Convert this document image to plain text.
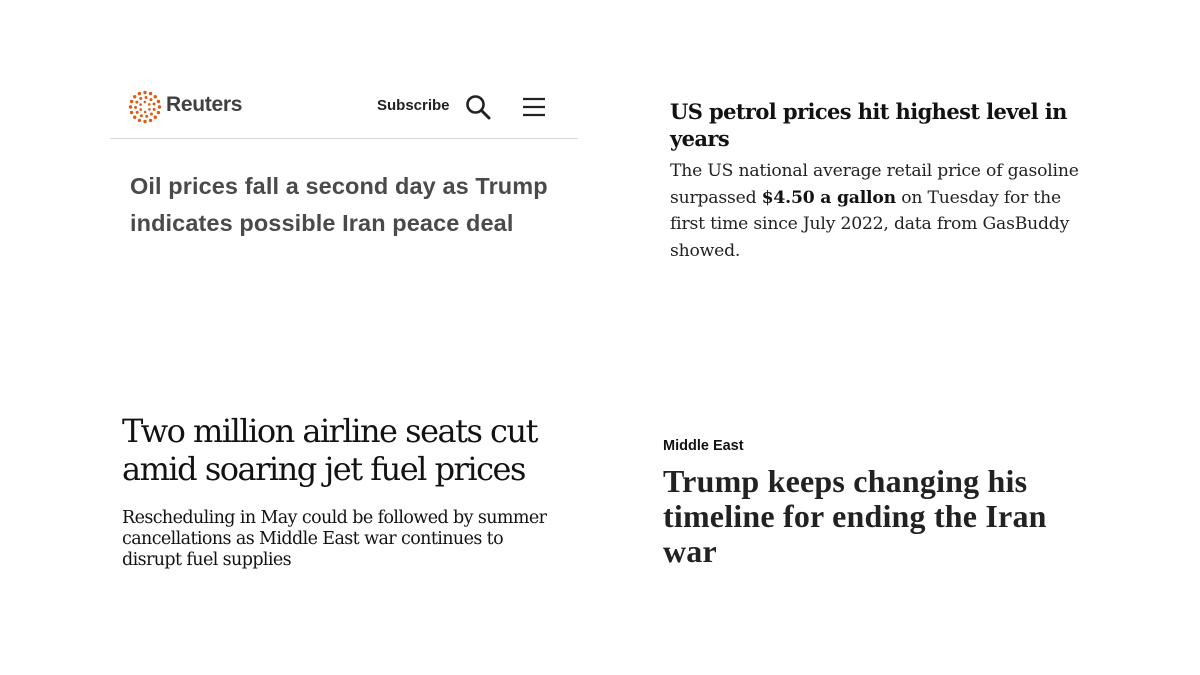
Reuters	Subscribe
Oil prices fall a second day as Trump indicates possible Iran peace deal
US petrol prices hit highest level in years

The US national average retail price of gasoline surpassed $4.50 a gallon on Tuesday for the first time since July 2022, data from GasBuddy showed.

Two million airline seats cut amid soaring jet fuel prices

Rescheduling in May could be followed by summer cancellations as Middle East war continues to disrupt fuel supplies

Middle East
Trump keeps changing his timeline for ending the Iran war
